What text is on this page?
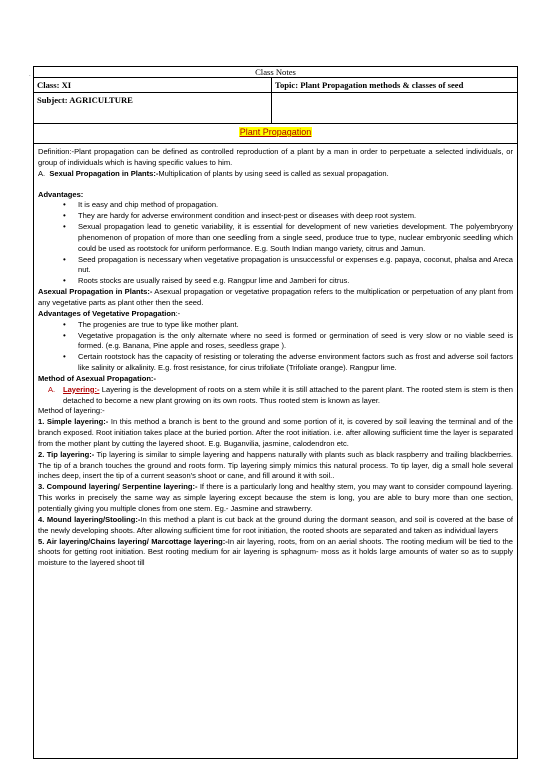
.	Class Notes
Class: XI	Topic: Plant Propagation methods & classes of seed
Subject: AGRICULTURE
Plant Propagation

Definition:-Plant propagation can be defined as controlled reproduction of a plant by a man in order to perpetuate a selected individuals, or group of individuals which is having specific values to him.

A. Sexual Propagation in Plants:-Multiplication of plants by using seed is called as sexual propagation.

Advantages:

• It is easy and chip method of propagation.
• They are hardy for adverse environment condition and insect-pest or diseases with deep root system.
• Sexual propagation lead to genetic variability, it is essential for development of new varieties development. The polyembryony phenomenon of propation of more than one seedling from a single seed, produce true to type, nuclear embryonic seedling which could be used as rootstock for uniform performance. E.g. South Indian mango variety, citrus and Jamun.
• Seed propagation is necessary when vegetative propagation is unsuccessful or expenses e.g. papaya, coconut, phalsa and Areca nut.
• Roots stocks are usually raised by seed e.g. Rangpur lime and Jamberi for citrus.

Asexual Propagation in Plants:- Asexual propagation or vegetative propagation refers to the multiplication or perpetuation of any plant from any vegetative parts as plant other then the seed.

Advantages of Vegetative Propagation:-

• The progenies are true to type like mother plant.
• Vegetative propagation is the only alternate where no seed is formed or germination of seed is very slow or no viable seed is formed. (e.g. Banana, Pine apple and roses, seedless grape ).
• Certain rootstock has the capacity of resisting or tolerating the adverse environment factors such as frost and adverse soil factors like salinity or alkalinity. E.g. frost resistance, for cirus trifoliate (Trifoliate orange). Rangpur lime.

Method of Asexual Propagation:-

A. Layering:- Layering is the development of roots on a stem while it is still attached to the parent plant. The rooted stem is stem is then detached to become a new plant growing on its own roots. Thus rooted stem is known as layer.

Method of layering:-

1. Simple layering:- In this method a branch is bent to the ground and some portion of it, is covered by soil leaving the terminal and of the branch exposed. Root initiation takes place at the buried portion. After the root initiation. i.e. after allowing sufficient time the layer is separated from the mother plant by cutting the layered shoot. E.g. Buganvilia, jasmine, calodendron etc.

2. Tip layering:- Tip layering is similar to simple layering and happens naturally with plants such as black raspberry and trailing blackberries. The tip of a branch touches the ground and roots form. Tip layering simply mimics this natural process. To tip layer, dig a small hole several inches deep, insert the tip of a current season's shoot or cane, and fill around it with soil..

3. Compound layering/ Serpentine layering:- If there is a particularly long and healthy stem, you may want to consider compound layering. This works in precisely the same way as simple layering except because the stem is long, you are able to bury more than one section, potentially giving you multiple clones from one stem. Eg.- Jasmine and strawberry.

4. Mound layering/Stooling:-In this method a plant is cut back at the ground during the dormant season, and soil is covered at the base of the newly developing shoots. After allowing sufficient time for root initiation, the rooted shoots are separated and taken as individual layers

5. Air layering/Chains layering/ Marcottage layering:-In air layering, roots, from on an aerial shoots. The rooting medium will be tied to the shoots for getting root initiation. Best rooting medium for air layering is sphagnum- moss as it holds large amounts of water so as to supply moisture to the layered shoot till
